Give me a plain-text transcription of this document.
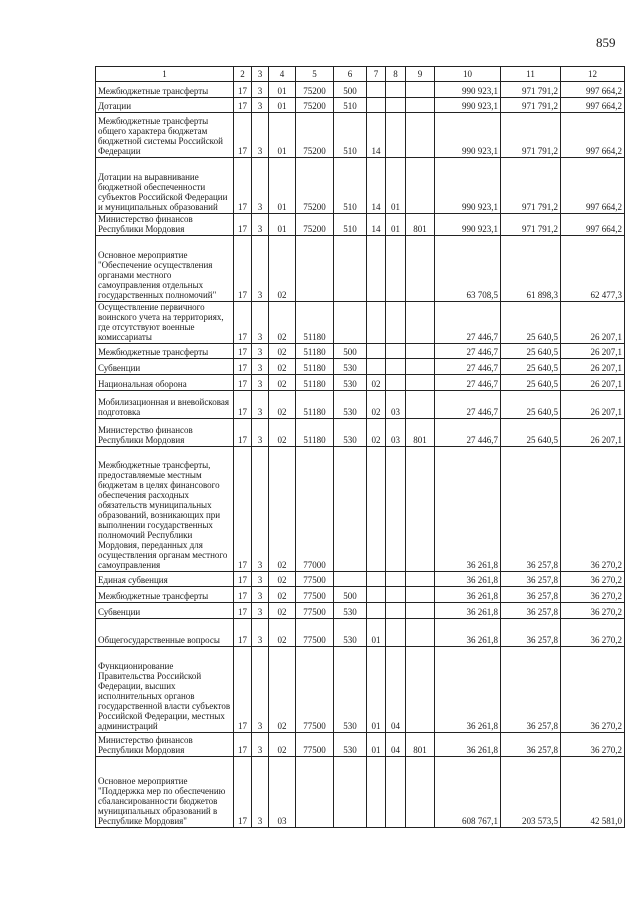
859
1	2	3	4	5	6	7	8	9	10	11	12
Межбюджетные трансферты	17	3	01	75200	500				990 923,1	971 791,2	997 664,2
Дотации	17	3	01	75200	510				990 923,1	971 791,2	997 664,2
Межбюджетные трансферты общего характера бюджетам бюджетной системы Российской Федерации	17	3	01	75200	510	14			990 923,1	971 791,2	997 664,2
Дотации на выравнивание бюджетной обеспеченности субъектов Российской Федерации и муниципальных образований	17	3	01	75200	510	14	01		990 923,1	971 791,2	997 664,2
Министерство финансов Республики Мордовия	17	3	01	75200	510	14	01	801	990 923,1	971 791,2	997 664,2
Основное мероприятие "Обеспечение осуществления органами местного самоуправления отдельных государственных полномочий"	17	3	02						63 708,5	61 898,3	62 477,3
Осуществление первичного воинского учета на территориях, где отсутствуют военные комиссариаты	17	3	02	51180					27 446,7	25 640,5	26 207,1
Межбюджетные трансферты	17	3	02	51180	500				27 446,7	25 640,5	26 207,1
Субвенции	17	3	02	51180	530				27 446,7	25 640,5	26 207,1
Национальная оборона	17	3	02	51180	530	02			27 446,7	25 640,5	26 207,1
Мобилизационная и вневойсковая подготовка	17	3	02	51180	530	02	03		27 446,7	25 640,5	26 207,1
Министерство финансов Республики Мордовия	17	3	02	51180	530	02	03	801	27 446,7	25 640,5	26 207,1
Межбюджетные трансферты, предоставляемые местным бюджетам в целях финансового обеспечения расходных обязательств муниципальных образований, возникающих при выполнении государственных полномочий Республики Мордовия, переданных для осуществления органам местного самоуправления	17	3	02	77000					36 261,8	36 257,8	36 270,2
Единая субвенция	17	3	02	77500					36 261,8	36 257,8	36 270,2
Межбюджетные трансферты	17	3	02	77500	500				36 261,8	36 257,8	36 270,2
Субвенции	17	3	02	77500	530				36 261,8	36 257,8	36 270,2
Общегосударственные вопросы	17	3	02	77500	530	01			36 261,8	36 257,8	36 270,2
Функционирование Правительства Российской Федерации, высших исполнительных органов государственной власти субъектов Российской Федерации, местных администраций	17	3	02	77500	530	01	04		36 261,8	36 257,8	36 270,2
Министерство финансов Республики Мордовия	17	3	02	77500	530	01	04	801	36 261,8	36 257,8	36 270,2
Основное мероприятие "Поддержка мер по обеспечению сбалансированности бюджетов муниципальных образований в Республике Мордовия"	17	3	03						608 767,1	203 573,5	42 581,0
